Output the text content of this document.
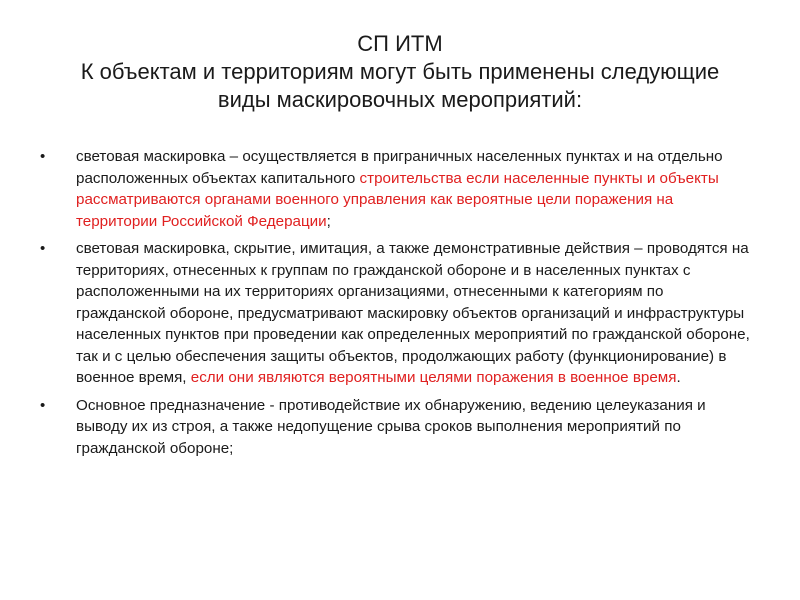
СП ИТМ
К объектам и территориям могут быть применены следующие
виды маскировочных мероприятий:
• световая маскировка – осуществляется в приграничных населенных пунктах и на отдельно расположенных объектах капитального строительства если населенные пункты и объекты рассматриваются органами военного управления как вероятные цели поражения на территории Российской Федерации;
• световая маскировка, скрытие, имитация, а также демонстративные действия – проводятся на территориях, отнесенных к группам по гражданской обороне и в населенных пунктах с расположенными на их территориях организациями, отнесенными к категориям по гражданской обороне, предусматривают маскировку объектов организаций и инфраструктуры населенных пунктов при проведении как определенных мероприятий по гражданской обороне, так и с целью обеспечения защиты объектов, продолжающих работу (функционирование) в военное время, если они являются вероятными целями поражения в военное время.
• Основное предназначение - противодействие их обнаружению, ведению целеуказания и выводу их из строя, а также недопущение срыва сроков выполнения мероприятий по гражданской обороне;
